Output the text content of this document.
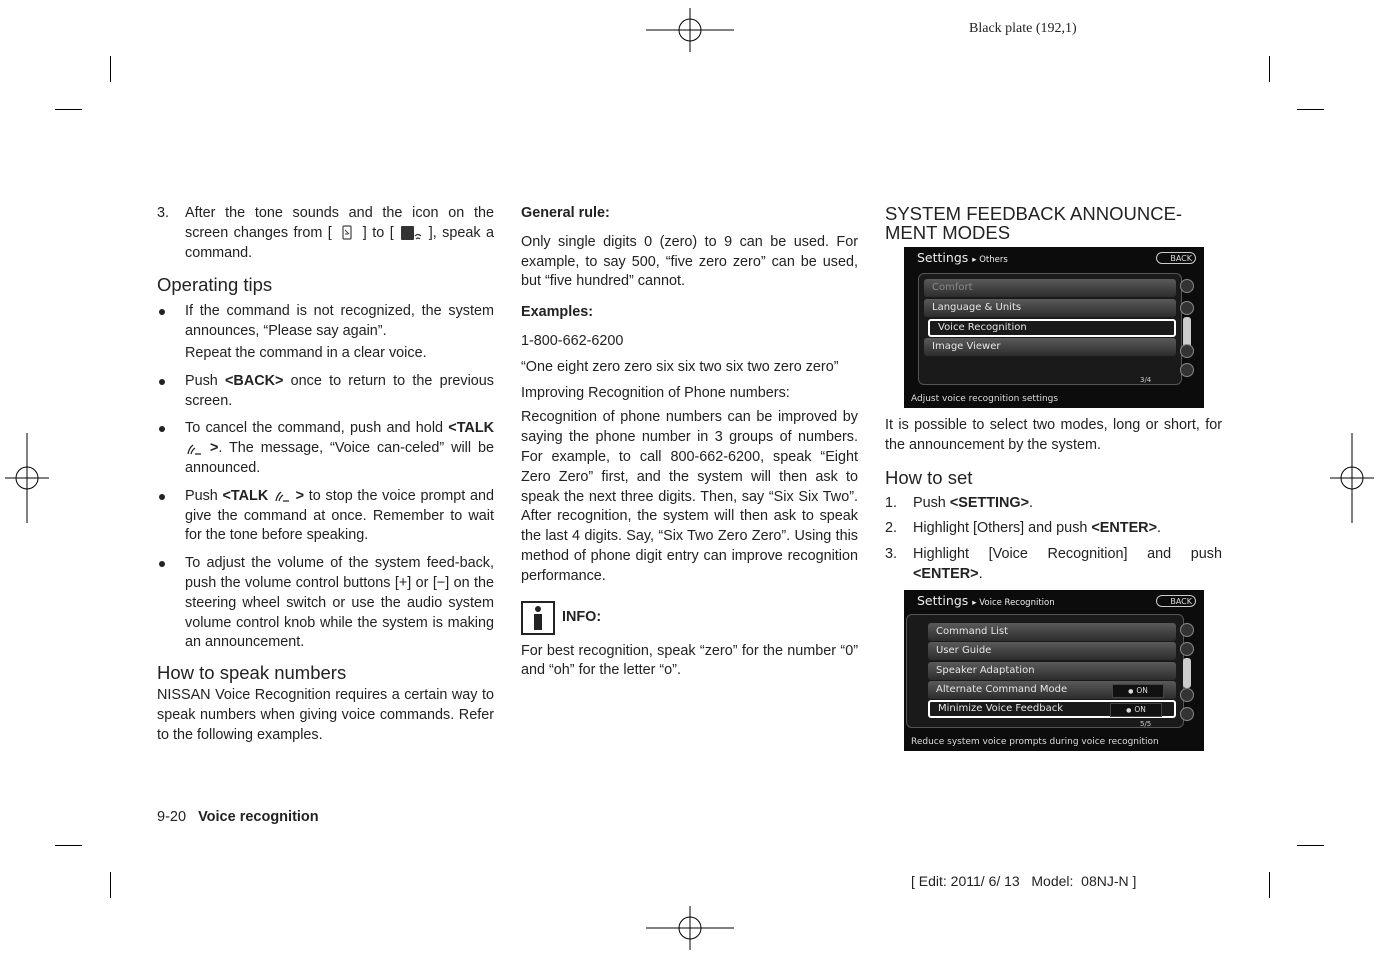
Black plate (192,1)
3. After the tone sounds and the icon on the screen changes from [ ] to [ ], speak a command.
Operating tips

If the command is not recognized, the system announces, “Please say again”.

Repeat the command in a clear voice.

Push <BACK> once to return to the previous screen.
To cancel the command, push and hold <TALK  >. The message, “Voice can-celed” will be announced.
Push <TALK > to stop the voice prompt and give the command at once. Remember to wait for the tone before speaking.
To adjust the volume of the system feed-back, push the volume control buttons [+] or [−] on the steering wheel switch or use the audio system volume control knob while the system is making an announcement.
How to speak numbers

NISSAN Voice Recognition requires a certain way to speak numbers when giving voice commands. Refer to the following examples.

General rule:

Only single digits 0 (zero) to 9 can be used. For example, to say 500, “five zero zero” can be used, but “five hundred” cannot.

Examples:

1-800-662-6200

“One eight zero zero six six two six two zero zero”

Improving Recognition of Phone numbers:

Recognition of phone numbers can be improved by saying the phone number in 3 groups of numbers. For example, to call 800-662-6200, speak “Eight Zero Zero” first, and the system will then ask to speak the next three digits. Then, say “Six Six Two”. After recognition, the system will then ask to speak the last 4 digits. Say, “Six Two Zero Zero”. Using this method of phone digit entry can improve recognition performance.

INFO:

For best recognition, speak “zero” for the number “0” and “oh” for the letter “o”.

SYSTEM FEEDBACK ANNOUNCE-
MENT MODES
Settings ▸ Others	BACK
Comfort
Language & Units
Voice Recognition
Image Viewer
3/4
Adjust voice recognition settings

It is possible to select two modes, long or short, for the announcement by the system.

How to set
1. Push <SETTING>.
2. Highlight [Others] and push <ENTER>.
3. Highlight [Voice Recognition] and push <ENTER>.
Settings ▸ Voice Recognition	BACK
Command List
User Guide
Speaker Adaptation
Alternate Command Mode	● ON
Minimize Voice Feedback	● ON
5/5
Reduce system voice prompts during voice recognition
9-20 Voice recognition
[ Edit: 2011/ 6/ 13   Model:  08NJ-N ]
